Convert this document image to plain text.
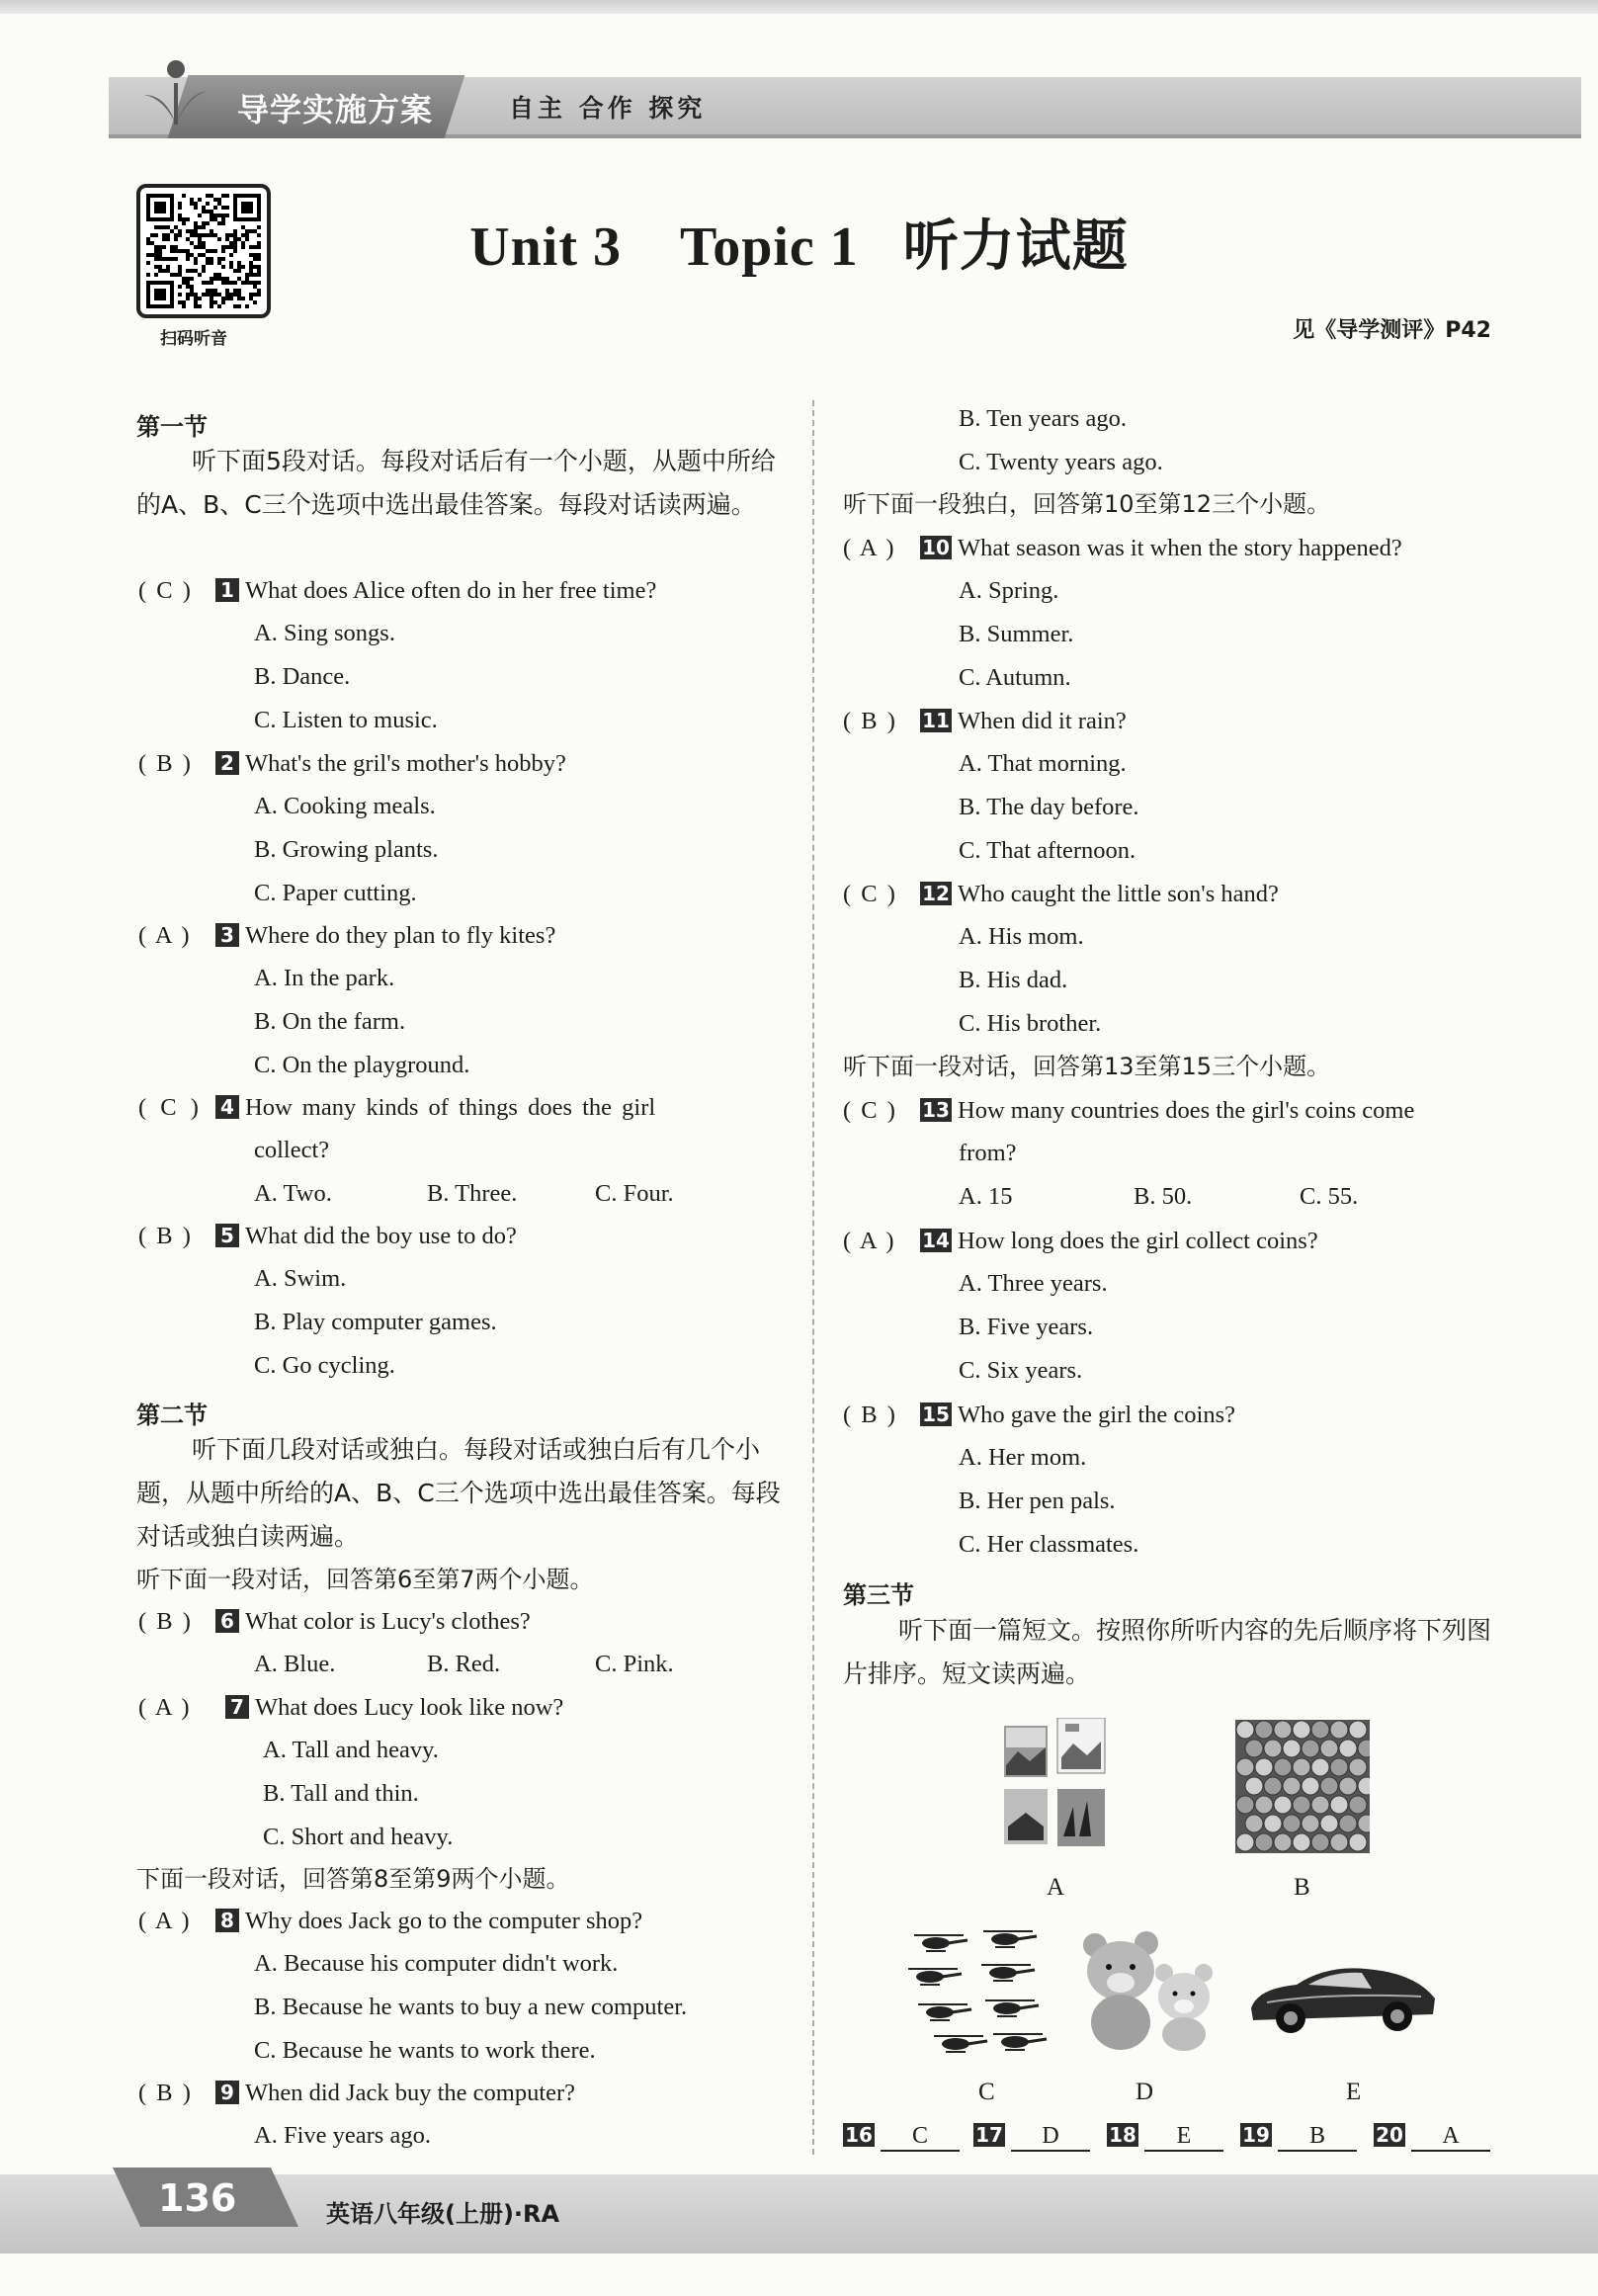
导学实施方案	自主 合作 探究
扫码听音
Unit 3    Topic 1   听力试题
见《导学测评》P42
第一节
听下面5段对话。每段对话后有一个小题，从题中所给的A、B、C三个选项中选出最佳答案。每段对话读两遍。
( C ) 1 What does Alice often do in her free time?
A. Sing songs.
B. Dance.
C. Listen to music.
( B ) 2 What's the gril's mother's hobby?
A. Cooking meals.
B. Growing plants.
C. Paper cutting.
( A ) 3 Where do they plan to fly kites?
A. In the park.
B. On the farm.
C. On the playground.
( C ) 4 How many kinds of things does the girl
collect?
A. Two.	B. Three.	C. Four.
( B ) 5 What did the boy use to do?
A. Swim.
B. Play computer games.
C. Go cycling.
第二节
听下面几段对话或独白。每段对话或独白后有几个小题，从题中所给的A、B、C三个选项中选出最佳答案。每段对话或独白读两遍。
听下面一段对话，回答第6至第7两个小题。
( B ) 6 What color is Lucy's clothes?
A. Blue.	B. Red.	C. Pink.
( A ) 7 What does Lucy look like now?
A. Tall and heavy.
B. Tall and thin.
C. Short and heavy.
下面一段对话，回答第8至第9两个小题。
( A ) 8 Why does Jack go to the computer shop?
A. Because his computer didn't work.
B. Because he wants to buy a new computer.
C. Because he wants to work there.
( B ) 9 When did Jack buy the computer?
A. Five years ago.
B. Ten years ago.
C. Twenty years ago.
听下面一段独白，回答第10至第12三个小题。
( A ) 10 What season was it when the story happened?
A. Spring.
B. Summer.
C. Autumn.
( B ) 11 When did it rain?
A. That morning.
B. The day before.
C. That afternoon.
( C ) 12 Who caught the little son's hand?
A. His mom.
B. His dad.
C. His brother.
听下面一段对话，回答第13至第15三个小题。
( C ) 13 How many countries does the girl's coins come
from?
A. 15	B. 50.	C. 55.
( A ) 14 How long does the girl collect coins?
A. Three years.
B. Five years.
C. Six years.
( B ) 15 Who gave the girl the coins?
A. Her mom.
B. Her pen pals.
C. Her classmates.
第三节
听下面一篇短文。按照你所听内容的先后顺序将下列图片排序。短文读两遍。
A	B
C	D	E
16 C	17 D	18 E	19 B	20 A
136	英语八年级(上册)·RA
